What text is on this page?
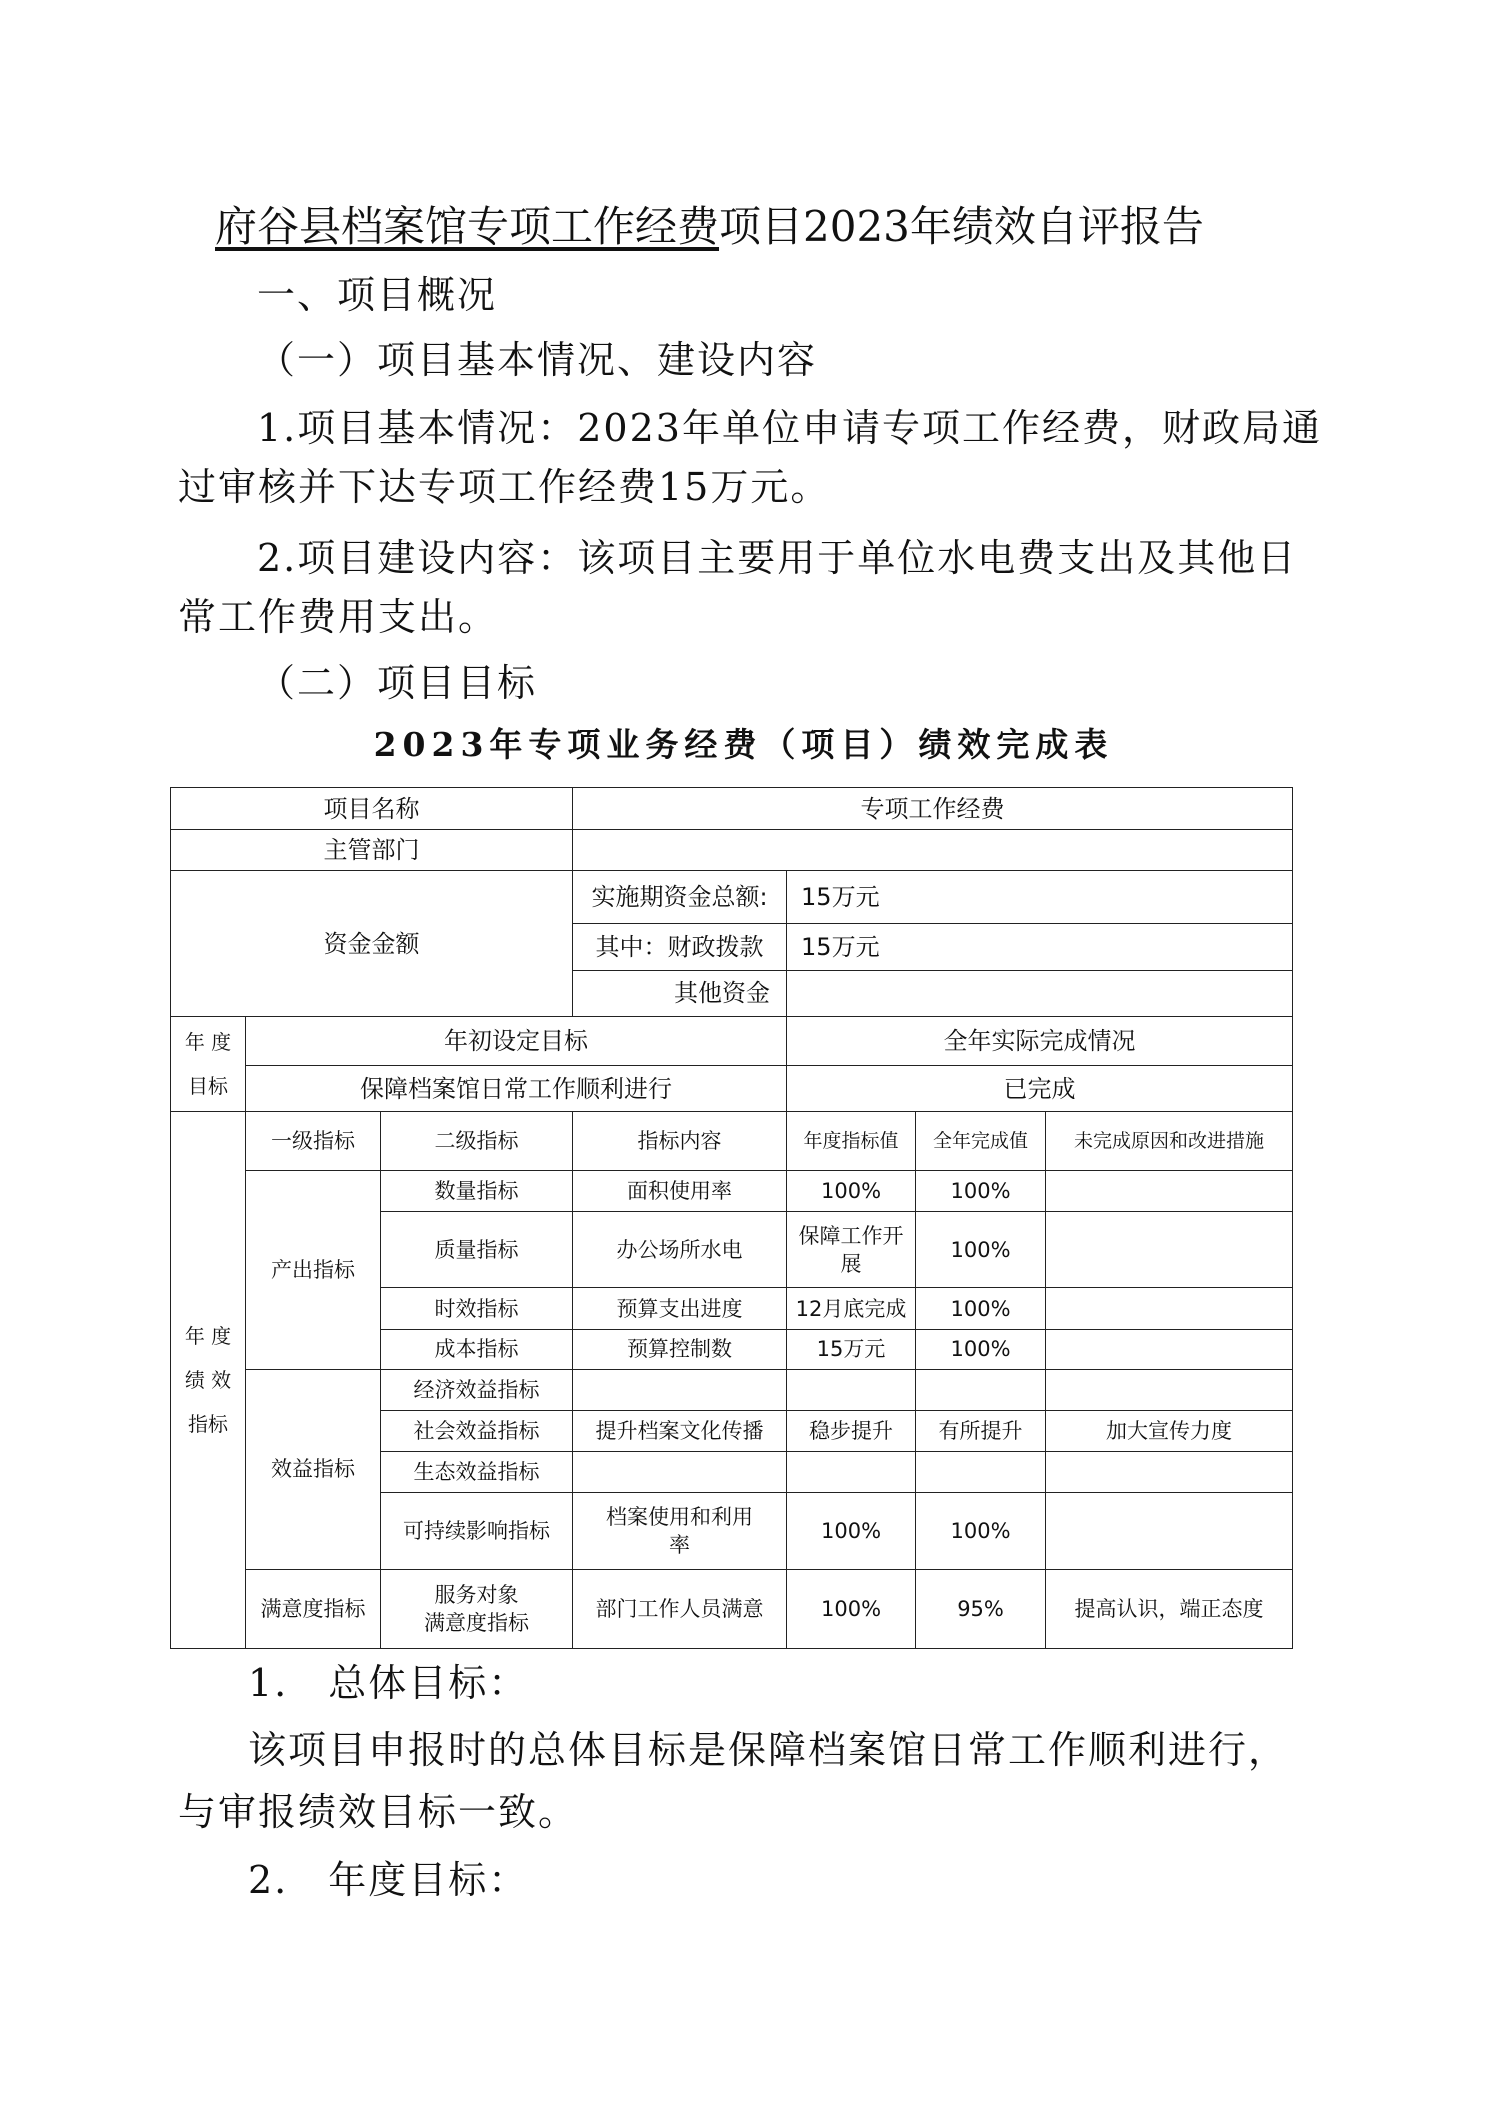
府谷县档案馆专项工作经费项目2023年绩效自评报告
一、项目概况
（一）项目基本情况、建设内容
1.项目基本情况：2023年单位申请专项工作经费，财政局通
过审核并下达专项工作经费15万元。
2.项目建设内容：该项目主要用于单位水电费支出及其他日
常工作费用支出。
（二）项目目标
2023年专项业务经费（项目）绩效完成表
项目名称			专项工作经费			
主管部门						
资金金额			实施期资金总额:	15万元		
			其中：财政拨款	15万元		
			其他资金			
年 度
目标	年初设定目标			全年实际完成情况		
	保障档案馆日常工作顺利进行			已完成		
年 度
绩 效
指标	一级指标	二级指标	指标内容	年度指标值	全年完成值	未完成原因和改进措施
	产出指标	数量指标	面积使用率	100%	100%	
		质量指标	办公场所水电	保障工作开
展	100%	
		时效指标	预算支出进度	12月底完成	100%	
		成本指标	预算控制数	15万元	100%	
	效益指标	经济效益指标				
		社会效益指标	提升档案文化传播	稳步提升	有所提升	加大宣传力度
		生态效益指标				
		可持续影响指标	档案使用和利用
率	100%	100%	
	满意度指标	服务对象
满意度指标	部门工作人员满意	100%	95%	提高认识，端正态度
1.　总体目标：
该项目申报时的总体目标是保障档案馆日常工作顺利进行，
与审报绩效目标一致。
2.　年度目标：
